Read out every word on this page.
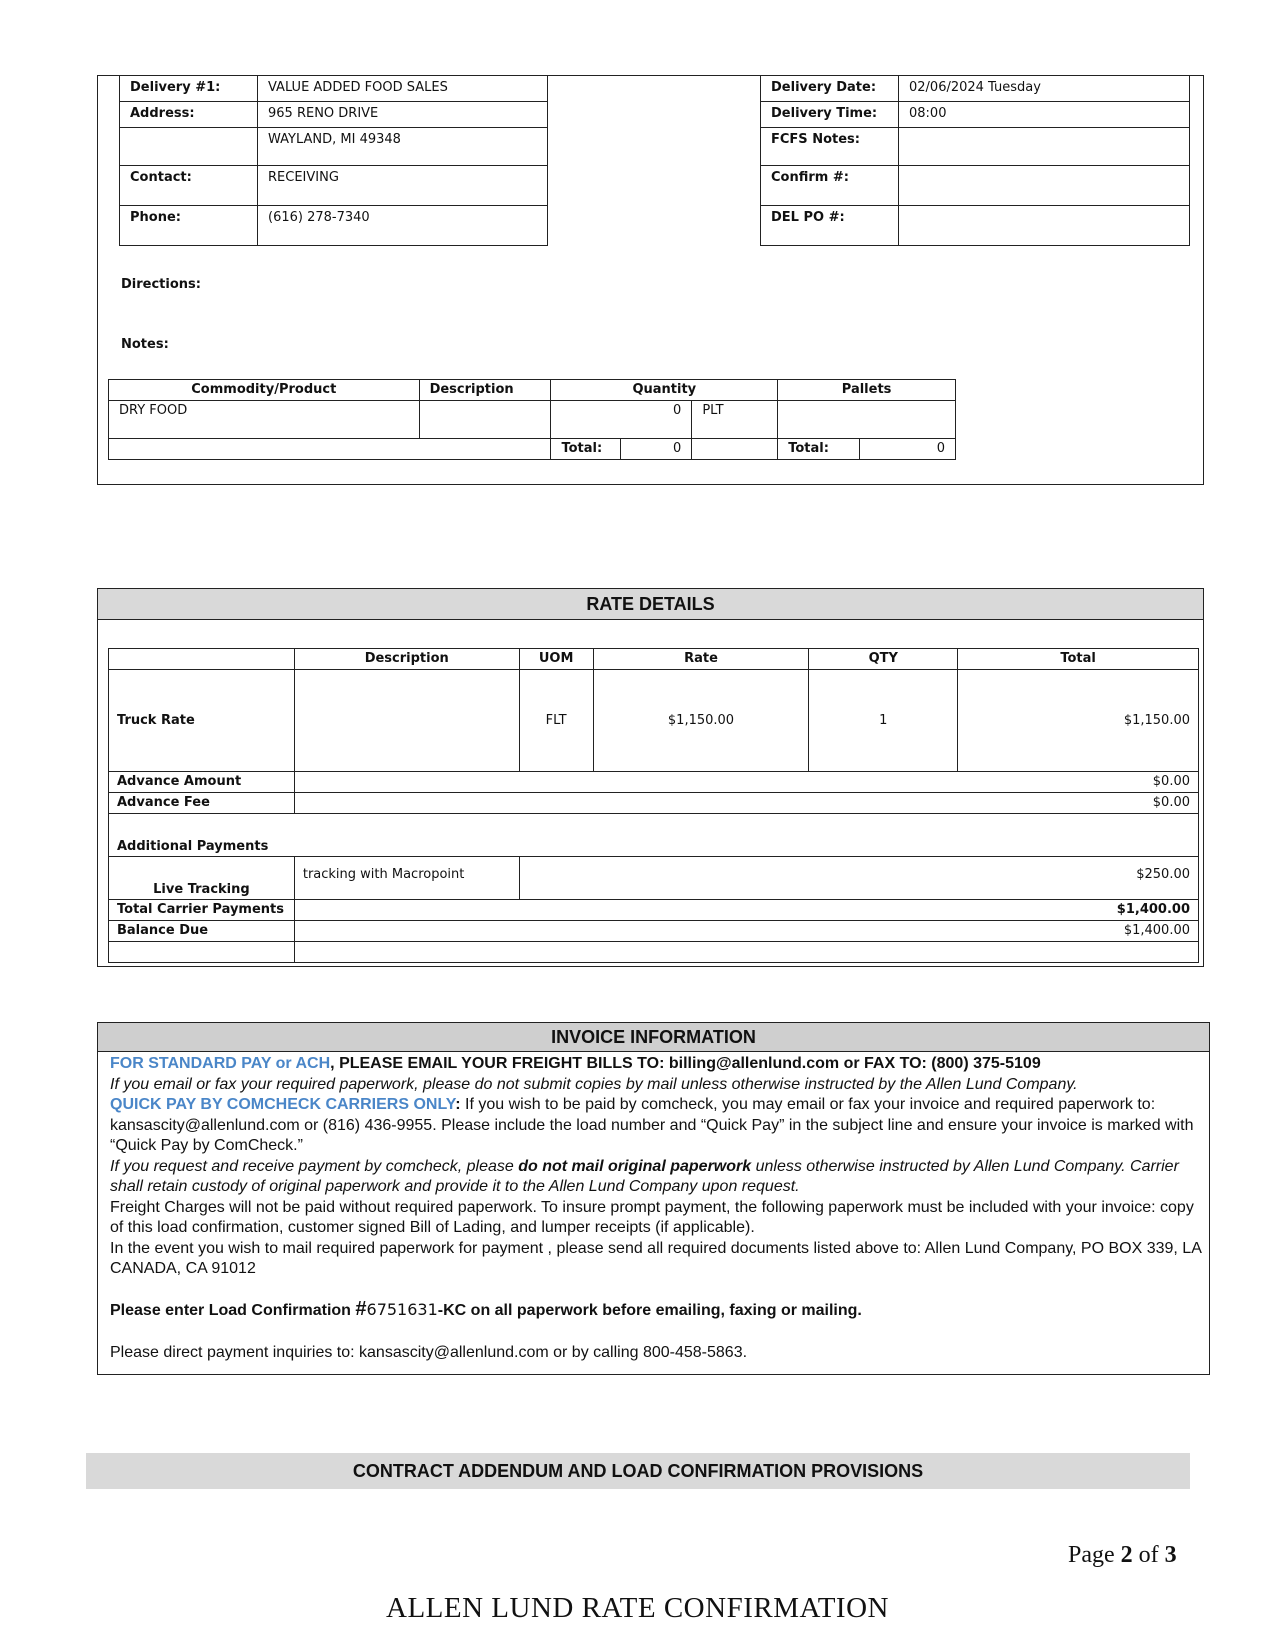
Delivery #1:	VALUE ADDED FOOD SALES
Address:	965 RENO DRIVE
	WAYLAND, MI 49348
Contact:	RECEIVING
Phone:	(616) 278-7340
Delivery Date:	02/06/2024 Tuesday
Delivery Time:	08:00
FCFS Notes:	
Confirm #:	
DEL PO #:	
Directions:
Notes:
Commodity/Product	Description	Quantity			Pallets	
DRY FOOD		0		PLT		
		Total:	0		Total:	0
RATE DETAILS
	Description	UOM	Rate	QTY	Total
Truck Rate		FLT	$1,150.00	1	$1,150.00
Advance Amount	$0.00				
Advance Fee	$0.00				
Additional Payments					
Live Tracking	tracking with Macropoint	$250.00			
Total Carrier Payments	$1,400.00				
Balance Due	$1,400.00				

INVOICE INFORMATION
FOR STANDARD PAY or ACH, PLEASE EMAIL YOUR FREIGHT BILLS TO: billing@allenlund.com or FAX TO: (800) 375-5109
If you email or fax your required paperwork, please do not submit copies by mail unless otherwise instructed by the Allen Lund Company.
QUICK PAY BY COMCHECK CARRIERS ONLY: If you wish to be paid by comcheck, you may email or fax your invoice and required paperwork to: kansascity@allenlund.com or (816) 436-9955. Please include the load number and “Quick Pay” in the subject line and ensure your invoice is marked with “Quick Pay by ComCheck.”
If you request and receive payment by comcheck, please do not mail original paperwork unless otherwise instructed by Allen Lund Company. Carrier shall retain custody of original paperwork and provide it to the Allen Lund Company upon request.
Freight Charges will not be paid without required paperwork. To insure prompt payment, the following paperwork must be included with your invoice: copy of this load confirmation, customer signed Bill of Lading, and lumper receipts (if applicable).
In the event you wish to mail required paperwork for payment , please send all required documents listed above to: Allen Lund Company, PO BOX 339, LA CANADA, CA 91012
Please enter Load Confirmation #6751631-KC on all paperwork before emailing, faxing or mailing.
Please direct payment inquiries to: kansascity@allenlund.com or by calling 800-458-5863.
CONTRACT ADDENDUM AND LOAD CONFIRMATION PROVISIONS
Page 2 of 3
ALLEN LUND RATE CONFIRMATION
